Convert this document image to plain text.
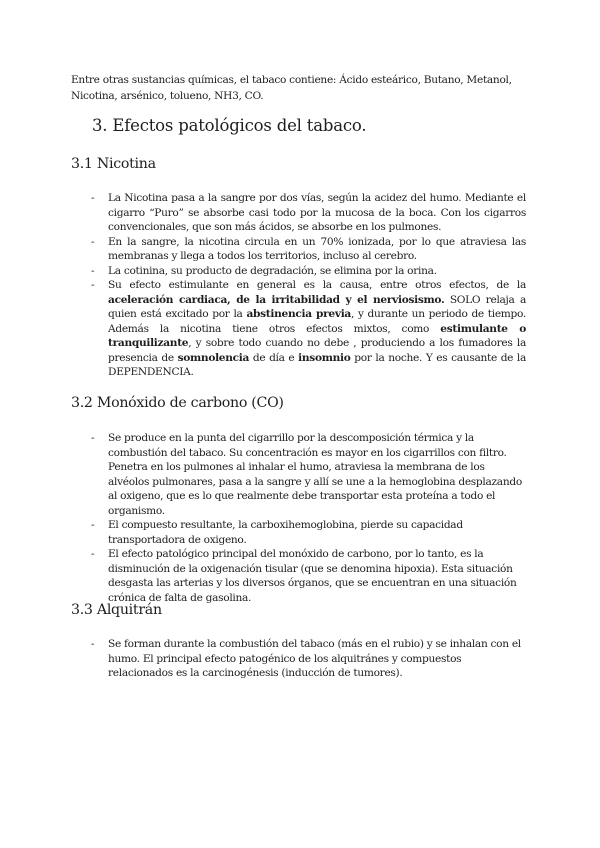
Entre otras sustancias químicas, el tabaco contiene: Ácido esteárico, Butano, Metanol, Nicotina, arsénico, tolueno, NH3, CO.
3. Efectos patológicos del tabaco.
3.1 Nicotina
- La Nicotina pasa a la sangre por dos vías, según la acidez del humo. Mediante el cigarro “Puro” se absorbe casi todo por la mucosa de la boca. Con los cigarros convencionales, que son más ácidos, se absorbe en los pulmones.
- En la sangre, la nicotina circula en un 70% ionizada, por lo que atraviesa las membranas y llega a todos los territorios, incluso al cerebro.
- La cotinina, su producto de degradación, se elimina por la orina.
- Su efecto estimulante en general es la causa, entre otros efectos, de la aceleración cardiaca, de la irritabilidad y el nerviosismo. SOLO relaja a quien está excitado por la abstinencia previa, y durante un periodo de tiempo. Además la nicotina tiene otros efectos mixtos, como estimulante o tranquilizante, y sobre todo cuando no debe , produciendo a los fumadores la presencia de somnolencia de día e insomnio por la noche. Y es causante de la DEPENDENCIA.
3.2 Monóxido de carbono (CO)
- Se produce en la punta del cigarrillo por la descomposición térmica y la combustión del tabaco. Su concentración es mayor en los cigarrillos con filtro. Penetra en los pulmones al inhalar el humo, atraviesa la membrana de los alvéolos pulmonares, pasa a la sangre y allí se une a la hemoglobina desplazando al oxigeno, que es lo que realmente debe transportar esta proteína a todo el organismo.
- El compuesto resultante, la carboxihemoglobina, pierde su capacidad transportadora de oxigeno.
- El efecto patológico principal del monóxido de carbono, por lo tanto, es la disminución de la oxigenación tisular (que se denomina hipoxia). Esta situación desgasta las arterias y los diversos órganos, que se encuentran en una situación crónica de falta de gasolina.
3.3 Alquitrán
- Se forman durante la combustión del tabaco (más en el rubio) y se inhalan con el humo. El principal efecto patogénico de los alquitránes y compuestos relacionados es la carcinogénesis (inducción de tumores).
